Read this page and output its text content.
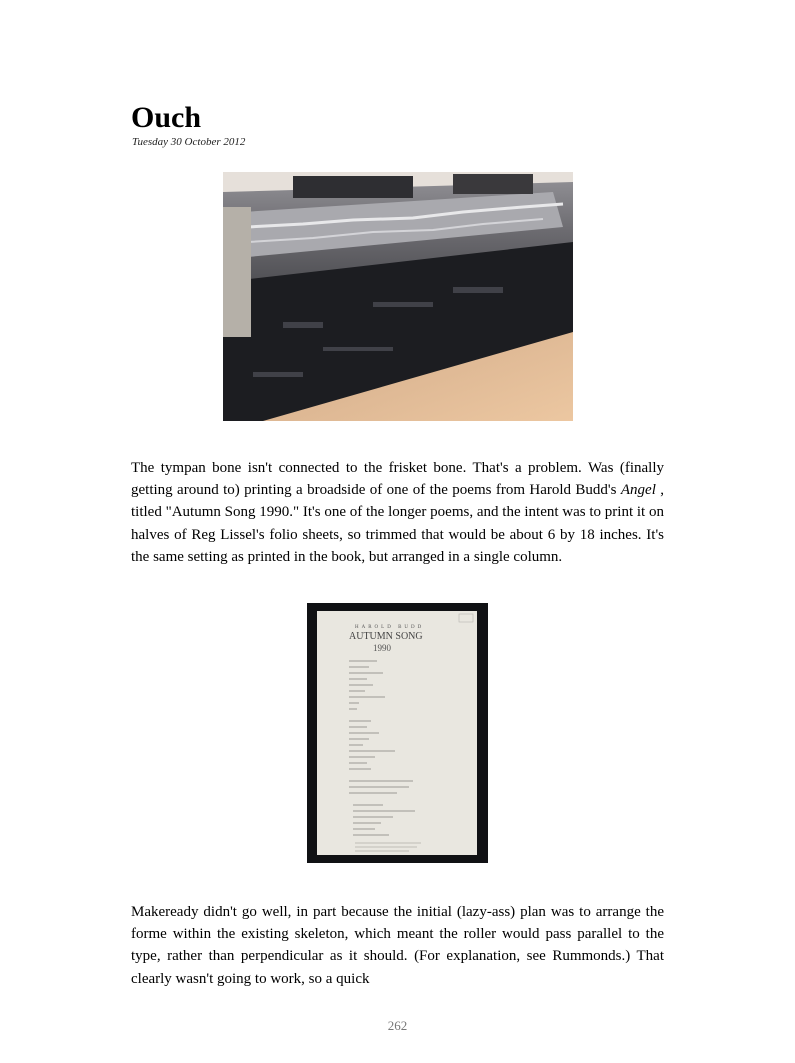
Ouch
Tuesday 30 October 2012

The tympan bone isn't connected to the frisket bone. That's a problem. Was (finally getting around to) printing a broadside of one of the poems from Harold Budd's Angel , titled "Autumn Song 1990." It's one of the longer poems, and the intent was to print it on halves of Reg Lissel's folio sheets, so trimmed that would be about 6 by 18 inches. It's the same setting as printed in the book, but arranged in a single column.

HAROLD BUDD
AUTUMN SONG
1990

Makeready didn't go well, in part because the initial (lazy-ass) plan was to arrange the forme within the existing skeleton, which meant the roller would pass parallel to the type, rather than perpendicular as it should. (For explanation, see Rummonds.) That clearly wasn't going to work, so a quick

262
